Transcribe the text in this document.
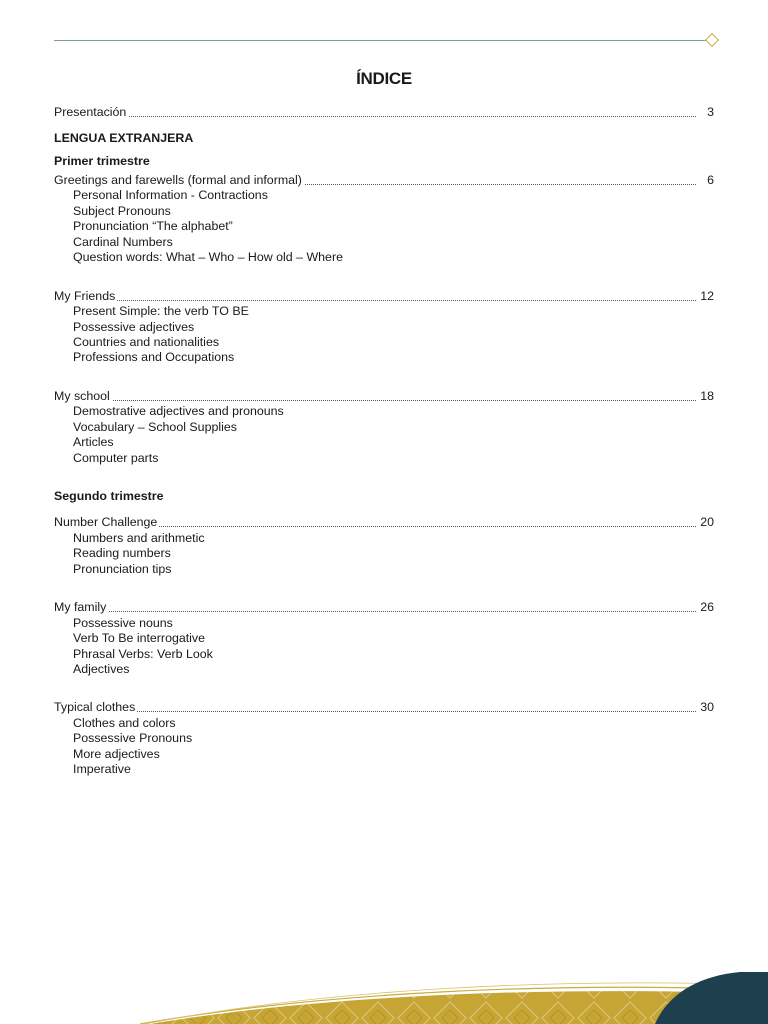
ÍNDICE
Presentación	3
LENGUA EXTRANJERA
Primer trimestre
Greetings and farewells (formal and informal)	6
Personal Information - Contractions
Subject Pronouns
Pronunciation “The alphabet”
Cardinal Numbers
Question words: What – Who – How old – Where
My Friends	12
Present Simple: the verb TO BE
Possessive adjectives
Countries and nationalities
Professions and Occupations
My school	18
Demostrative adjectives and pronouns
Vocabulary – School Supplies
Articles
Computer parts
Segundo trimestre
Number Challenge	20
Numbers and arithmetic
Reading numbers
Pronunciation tips
My family	26
Possessive nouns
Verb To Be interrogative
Phrasal Verbs: Verb Look
Adjectives
Typical clothes	30
Clothes and colors
Possessive Pronouns
More adjectives
Imperative
